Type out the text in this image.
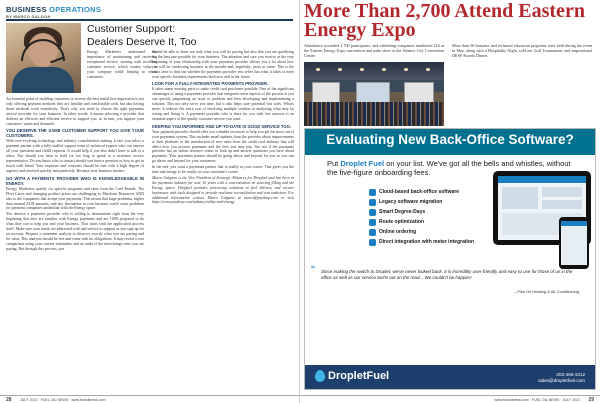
BUSINESS OPERATIONS
BY MARCO GALDON
Customer Support: Dealers Deserve It, Too

Energy Marketers understand the importance of maintaining and receiving exceptional service, starting with excellent customer service, which creates value to your company while helping to retain customers.

An essential point of enabling customers to receive the best initial first impression is not only offering payment methods they are familiar and comfortable with, but also having those methods work seamlessly. That's why you need to choose the right payments service provider for your business. In other words, it means selecting a provider that delivers an effective and efficient service to support you, so in turn, you support your customers' wants and demands.

YOU DESERVE THE SAME CUSTOMER SUPPORT YOU GIVE YOUR CUSTOMERS.

With ever-evolving technology and industry consolidation making it rare you select a payment partner with a fully-staffed support team of technical experts who can answer all your questions and fulfill requests. It would help if you also didn't have to talk to a robot. Nor should you have to hold for too long to speak to a customer service representative. Do you know who to contact should you have a question or how to get in touch with them? Your inquiries and concerns should be met with a high degree of urgency and resolved quickly and painlessly. Because your business matters.

GO WITH A PAYMENTS PROVIDER WHO IS KNOWLEDGEABLE IN ENERGY.

Energy Marketers qualify for specific programs and rates from the Card Brands. The Fleet Carve and changing product prices are challenging to Merchant Resources AND also to the companies that accept your payments. This means that large problems, higher than normal ACH amounts, and any fluctuation in your business could cause problems for payment companies unfamiliar with the Energy space.

You deserve a payments provider who is willing to demonstrate right from the very beginning that they are familiar with Energy payments and are 100% prepared to do what they can to help you and your business. That starts with the application process itself. Make sure your needs are addressed with and service to support as you sign up for an account. Request a statement analysis to discover exactly what you are paying and for what. This analysis should be free and come with no obligations. It may reveal a cost comparison using your current statements and an audit of the interchange rates you are paying. But through this process, you

should be able to learn not only what you will be paying but also that you are qualifying for the best rate possible for your business. The attention and care you receive at the very beginning of your relationship with your payments provider allows you a lot about how you will be conducting business in the months and, hopefully, years to come. This is the exact time to find out whether the payments provider you select has what it takes to meet your specific business requirements both now and in the future.

LOOK FOR A FULLY-INTEGRATED PAYMENTS PROVIDER.

It takes many moving parts to make credit card purchases possible. One of the significant advantages of using a payments provider that integrates most aspects of the process is you can quickly pinpointing an issue or problem and then developing and implementing a solution. This not only saves you time, but it also helps save potential lost sales. What's more, it reduces the extra cost of involving multiple vendors in analyzing what may be wrong and fixing it. A payments provider who is there for you with fast answers is an essential aspect of the quality customer service you want.

KEEPING YOU INFORMED AND UP-TO-DATE IS GOOD SERVICE TOO.

Your payment provider should offer you valuable resources to help you get the most out of your payments system. This includes email updates from the provider about improvements to their platform or the introduction of new rules from the credit card industry that will affect how you process payments and the fees you may pay. See too if the payments provider has an online resource center to look up and answer questions you have about payments. Your payments partner should be going above and beyond for you so you can go above and beyond for your customers.

In the end, you want a payments partner that is totally in your corner. That gives you the time and energy to be totally on your customer's corner.

Marco Galgano is the Vice President of Strategic Alliances for Dropfuel and has been in the payments industry for over 16 years with a concentration on sourcing filling and the Energy space. Dropfuel provides processing solutions to fuel delivery and service businesses with tools designed to provide real-time reconciliation and cost reduction. For additional information contact Marco Galgano at marco@paydrop.com or visit https://www.paydrop.com/industry/utility-and-energy

28 JULY 2021 · FUEL OIL NEWS · www.fueloilnews.com
More Than 2,700 Attend Eastern Energy Expo
Attendance exceeded 2,700 participants, and exhibiting companies numbered 216 at the Eastern Energy Expo convention and trade show at the Atlantic City Convention Center.
More than 60 business and technical education programs were held during the event in May, along with a Hospitality Night, sold out Golf Tournament, and inspirational DESP Awards Dinner.
Evaluating New Back-Office Software?
Put Droplet Fuel on your list. We've got all the bells and whistles, without the five-figure onboarding fees.
Cloud-based back-office software
Legacy software migration
Smart Degree-Days
Route optimization
Online ordering
Direct integration with meter integration
“ Since making the switch to Droplet, we've never looked back. It is incredibly user-friendly and easy to use for those of us in the office as well as our service techs out on the road... We couldn't be happier!
– Pike Oil Heating & Air Conditioning
DropletFuel	203-456-1012
sales@dropletfuel.com
www.fueloilnews.com · FUEL OIL NEWS · JULY 2021 29
